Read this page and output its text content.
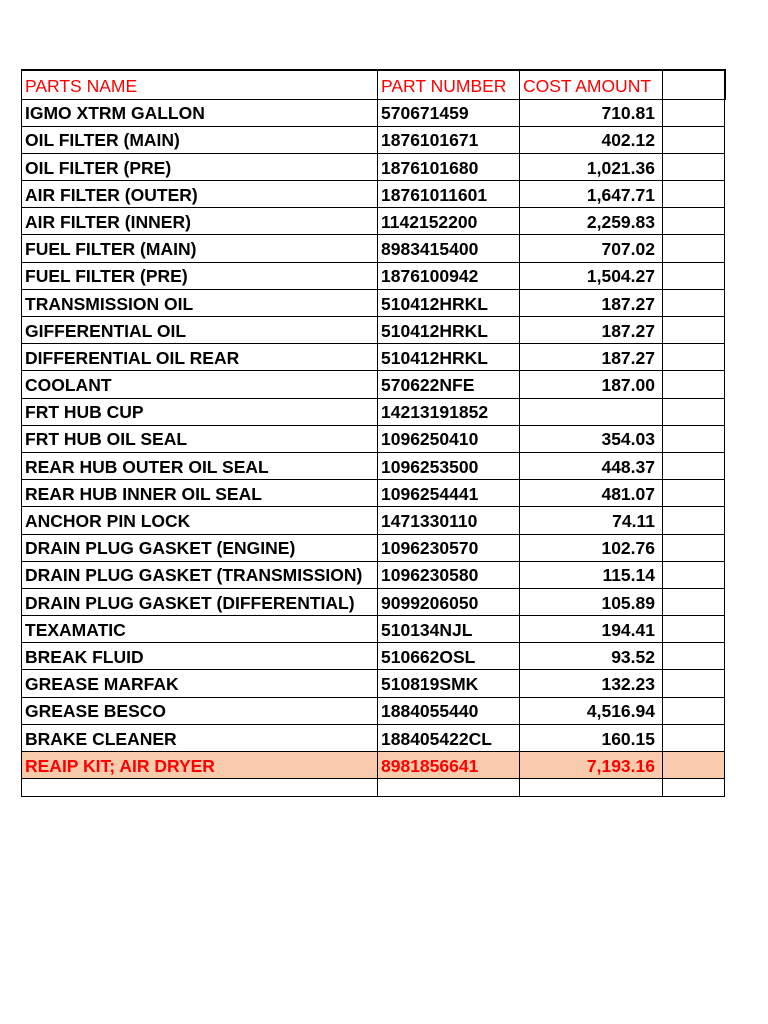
PARTS NAME	PART NUMBER	COST AMOUNT	
IGMO XTRM GALLON	570671459	710.81	
OIL FILTER (MAIN)	1876101671	402.12	
OIL FILTER (PRE)	1876101680	1,021.36	
AIR FILTER (OUTER)	18761011601	1,647.71	
AIR FILTER (INNER)	1142152200	2,259.83	
FUEL FILTER (MAIN)	8983415400	707.02	
FUEL FILTER (PRE)	1876100942	1,504.27	
TRANSMISSION OIL	510412HRKL	187.27	
GIFFERENTIAL OIL	510412HRKL	187.27	
DIFFERENTIAL OIL REAR	510412HRKL	187.27	
COOLANT	570622NFE	187.00	
FRT HUB CUP	14213191852		
FRT HUB OIL SEAL	1096250410	354.03	
REAR HUB OUTER OIL SEAL	1096253500	448.37	
REAR HUB INNER OIL SEAL	1096254441	481.07	
ANCHOR PIN LOCK	1471330110	74.11	
DRAIN PLUG GASKET (ENGINE)	1096230570	102.76	
DRAIN PLUG GASKET (TRANSMISSION)	1096230580	115.14	
DRAIN PLUG GASKET (DIFFERENTIAL)	9099206050	105.89	
TEXAMATIC	510134NJL	194.41	
BREAK FLUID	510662OSL	93.52	
GREASE MARFAK	510819SMK	132.23	
GREASE BESCO	1884055440	4,516.94	
BRAKE CLEANER	188405422CL	160.15	
REAIP KIT; AIR DRYER	8981856641	7,193.16	
